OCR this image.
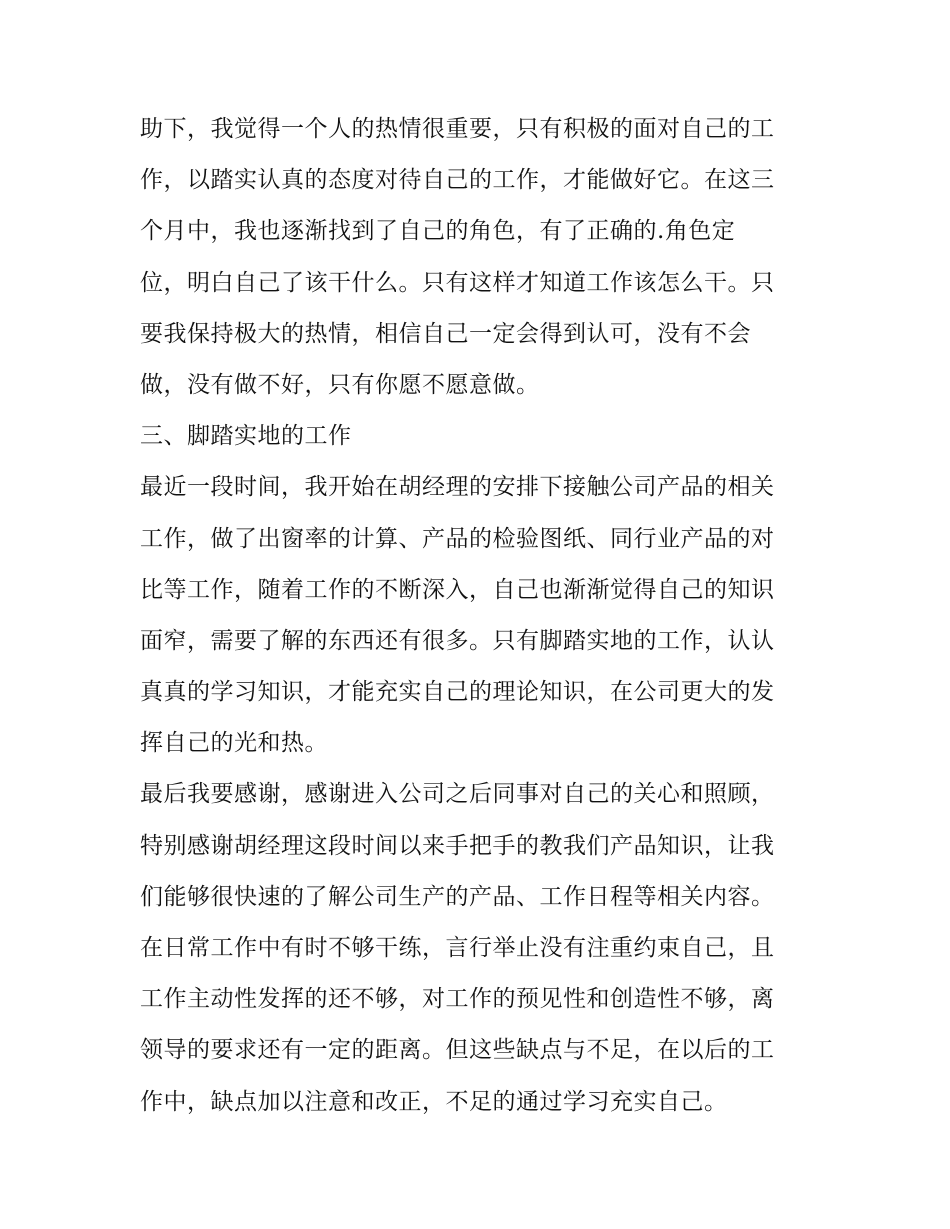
助下，我觉得一个人的热情很重要，只有积极的面对自己的工
作，以踏实认真的态度对待自己的工作，才能做好它。在这三
个月中，我也逐渐找到了自己的角色，有了正确的.角色定
位，明白自己了该干什么。只有这样才知道工作该怎么干。只
要我保持极大的热情，相信自己一定会得到认可，没有不会
做，没有做不好，只有你愿不愿意做。
三、脚踏实地的工作
最近一段时间，我开始在胡经理的安排下接触公司产品的相关
工作，做了出窗率的计算、产品的检验图纸、同行业产品的对
比等工作，随着工作的不断深入，自己也渐渐觉得自己的知识
面窄，需要了解的东西还有很多。只有脚踏实地的工作，认认
真真的学习知识，才能充实自己的理论知识，在公司更大的发
挥自己的光和热。
最后我要感谢，感谢进入公司之后同事对自己的关心和照顾，
特别感谢胡经理这段时间以来手把手的教我们产品知识，让我
们能够很快速的了解公司生产的产品、工作日程等相关内容。
在日常工作中有时不够干练，言行举止没有注重约束自己，且
工作主动性发挥的还不够，对工作的预见性和创造性不够，离
领导的要求还有一定的距离。但这些缺点与不足，在以后的工
作中，缺点加以注意和改正，不足的通过学习充实自己。
